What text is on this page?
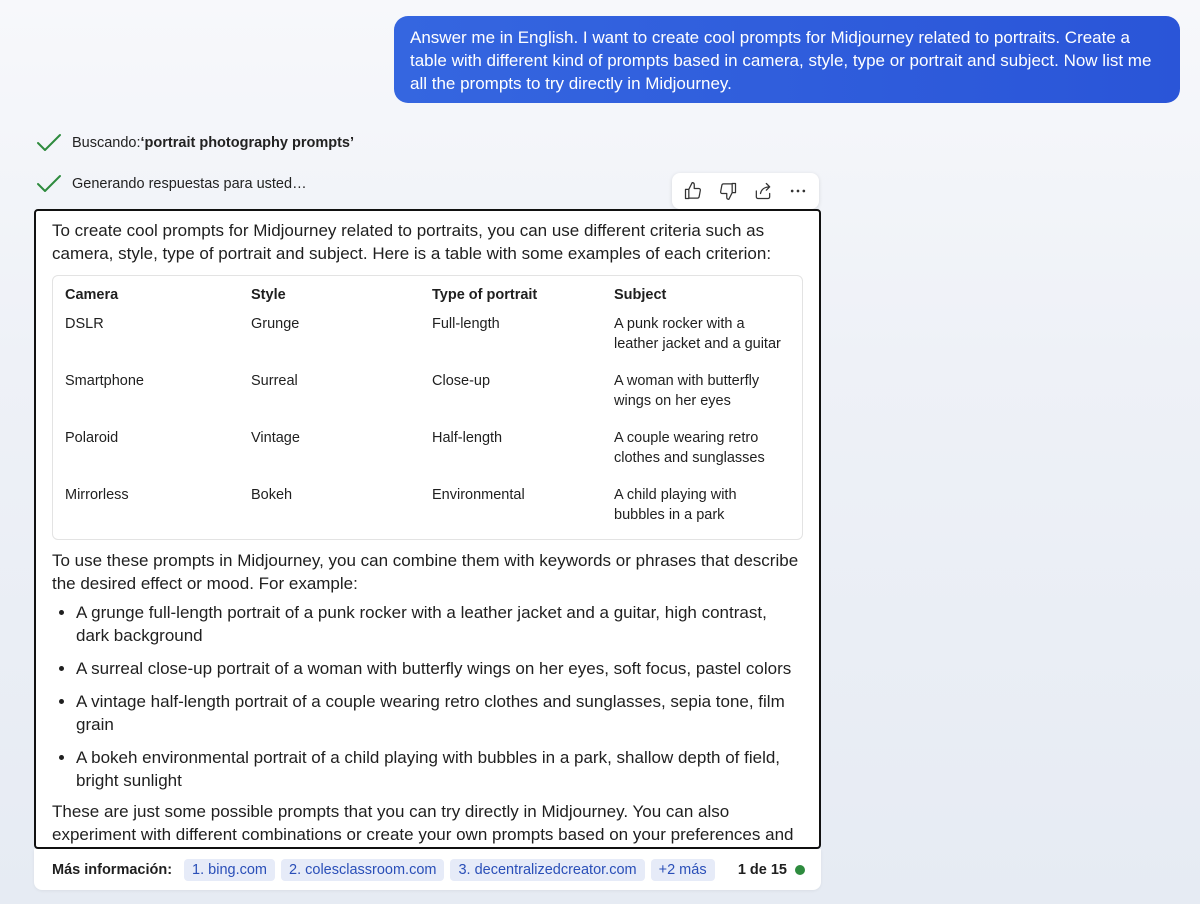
Answer me in English. I want to create cool prompts for Midjourney related to portraits. Create a table with different kind of prompts based in camera, style, type or portrait and subject. Now list me all the prompts to try directly in Midjourney.
Buscando: ‘portrait photography prompts’
Generando respuestas para usted…

To create cool prompts for Midjourney related to portraits, you can use different criteria such as camera, style, type of portrait and subject. Here is a table with some examples of each criterion:

Camera	Style	Type of portrait	Subject
DSLR	Grunge	Full-length	A punk rocker with a leather jacket and a guitar
Smartphone	Surreal	Close-up	A woman with butterfly wings on her eyes
Polaroid	Vintage	Half-length	A couple wearing retro clothes and sunglasses
Mirrorless	Bokeh	Environmental	A child playing with bubbles in a park

To use these prompts in Midjourney, you can combine them with keywords or phrases that describe the desired effect or mood. For example:

• A grunge full-length portrait of a punk rocker with a leather jacket and a guitar, high contrast, dark background
• A surreal close-up portrait of a woman with butterfly wings on her eyes, soft focus, pastel colors
• A vintage half-length portrait of a couple wearing retro clothes and sunglasses, sepia tone, film grain
• A bokeh environmental portrait of a child playing with bubbles in a park, shallow depth of field, bright sunlight

These are just some possible prompts that you can try directly in Midjourney. You can also experiment with different combinations or create your own prompts based on your preferences and

Más información:	1. bing.com	2. colesclassroom.com	3. decentralizedcreator.com	+2 más	1 de 15
